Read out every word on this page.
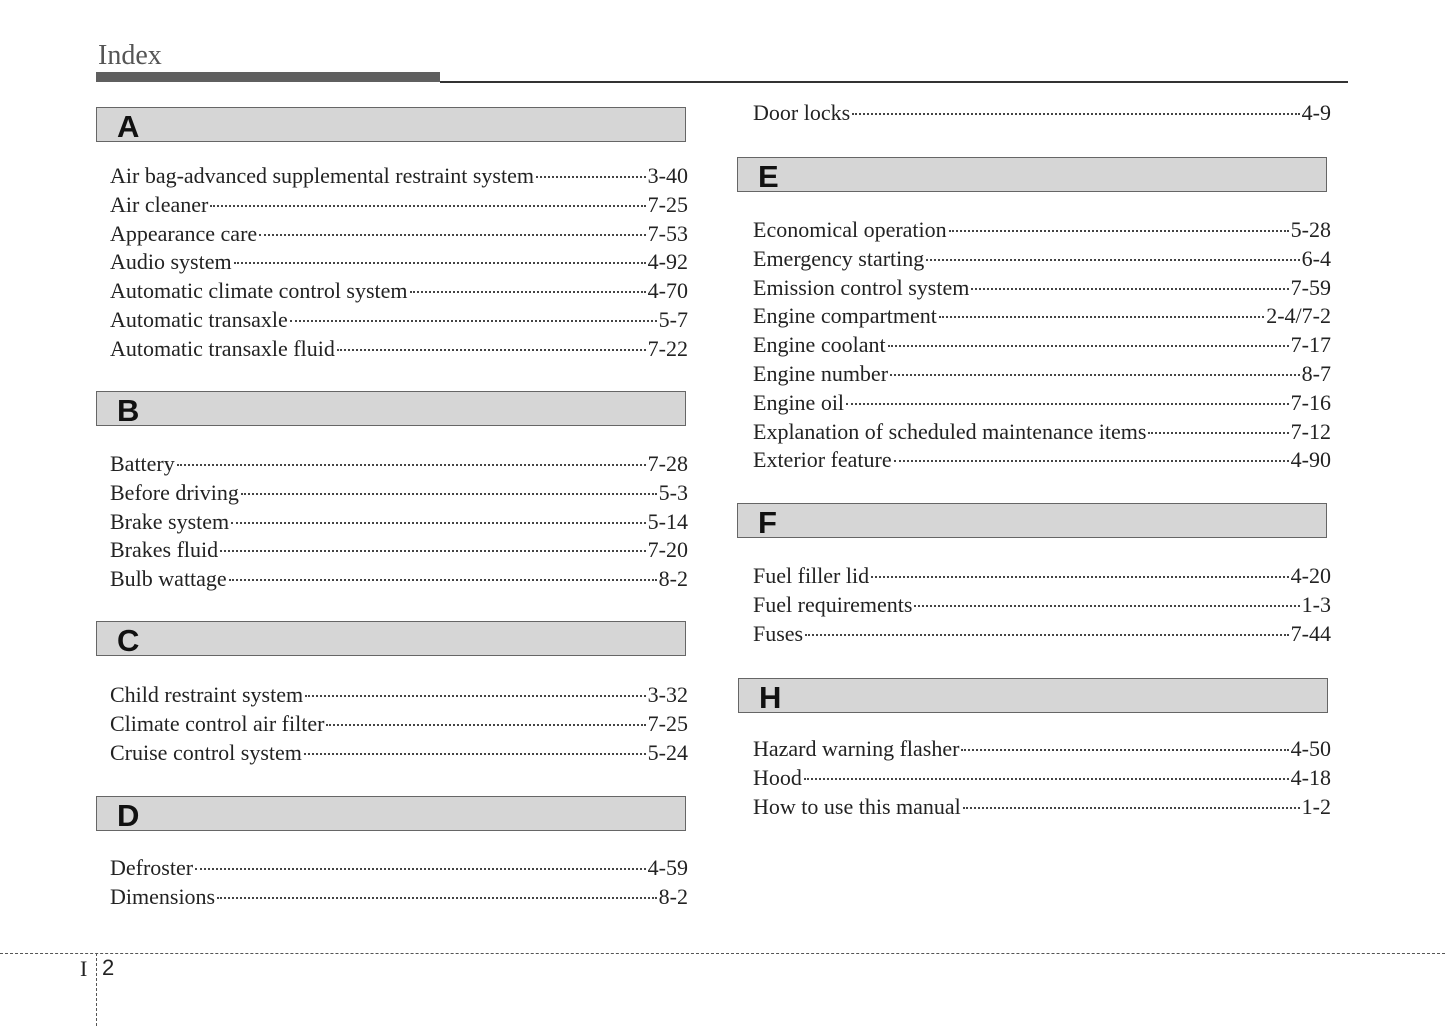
Index
A
Air bag-advanced supplemental restraint system	3-40
Air cleaner	7-25
Appearance care	7-53
Audio system	4-92
Automatic climate control system	4-70
Automatic transaxle	5-7
Automatic transaxle fluid	7-22
B
Battery	7-28
Before driving	5-3
Brake system	5-14
Brakes fluid	7-20
Bulb wattage	8-2
C
Child restraint system	3-32
Climate control air filter	7-25
Cruise control system	5-24
D
Defroster	4-59
Dimensions	8-2
Door locks	4-9
E
Economical operation	5-28
Emergency starting	6-4
Emission control system	7-59
Engine compartment	2-4/7-2
Engine coolant	7-17
Engine number	8-7
Engine oil	7-16
Explanation of scheduled maintenance items	7-12
Exterior feature	4-90
F
Fuel filler lid	4-20
Fuel requirements	1-3
Fuses	7-44
H
Hazard warning flasher	4-50
Hood	4-18
How to use this manual	1-2
I 2
